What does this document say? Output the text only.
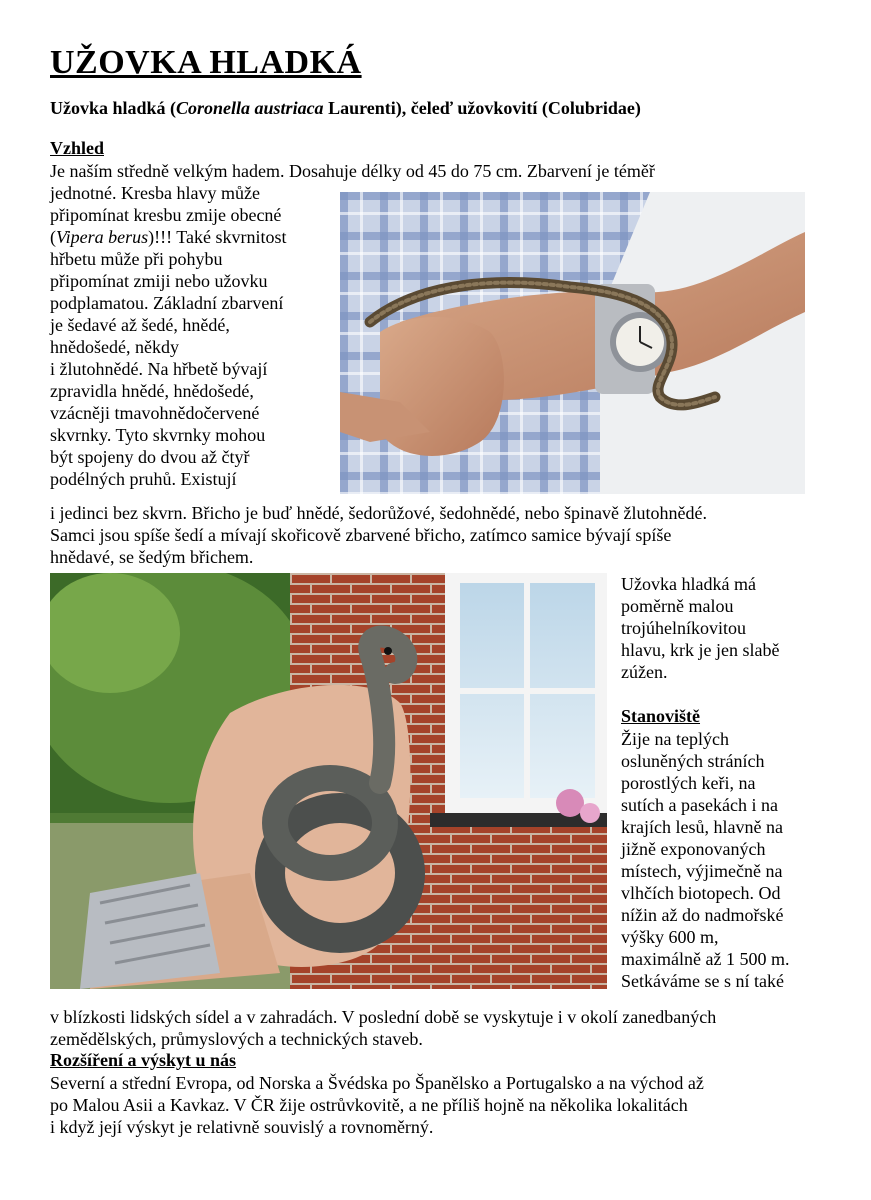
UŽOVKA HLADKÁ
Užovka hladká (Coronella austriaca Laurenti), čeleď užovkovití (Colubridae)
Vzhled
Je naším středně velkým hadem. Dosahuje délky od 45 do 75 cm. Zbarvení je téměř
jednotné. Kresba hlavy může
připomínat kresbu zmije obecné
(Vipera berus)!!! Také skvrnitost
hřbetu může při pohybu
připomínat zmiji nebo užovku
podplamatou. Základní zbarvení
je šedavé až šedé, hnědé,
hnědošedé, někdy
i žlutohnědé. Na hřbetě bývají
zpravidla hnědé, hnědošedé,
vzácněji tmavohnědočervené
skvrnky. Tyto skvrnky mohou
být spojeny do dvou až čtyř
podélných pruhů. Existují
i jedinci bez skvrn. Břicho je buď hnědé, šedorůžové, šedohnědé, nebo špinavě žlutohnědé.
Samci jsou spíše šedí a mívají skořicově zbarvené břicho, zatímco samice bývají spíše
hnědavé, se šedým břichem.
Užovka hladká má
poměrně malou
trojúhelníkovitou
hlavu, krk je jen slabě
zúžen.
Stanoviště
Žije na teplých
osluněných stráních
porostlých keři, na
sutích a pasekách i na
krajích lesů, hlavně na
jižně exponovaných
místech, výjimečně na
vlhčích biotopech. Od
nížin až do nadmořské
výšky 600 m,
maximálně až 1 500 m.
Setkáváme se s ní také
v blízkosti lidských sídel a v zahradách. V poslední době se vyskytuje i v okolí zanedbaných
zemědělských, průmyslových a technických staveb.
Rozšíření a výskyt u nás
Severní a střední Evropa, od Norska a Švédska po Španělsko a Portugalsko a na východ až
po Malou Asii a Kavkaz. V ČR žije ostrůvkovitě, a ne příliš hojně na několika lokalitách
i když její výskyt je relativně souvislý a rovnoměrný.
